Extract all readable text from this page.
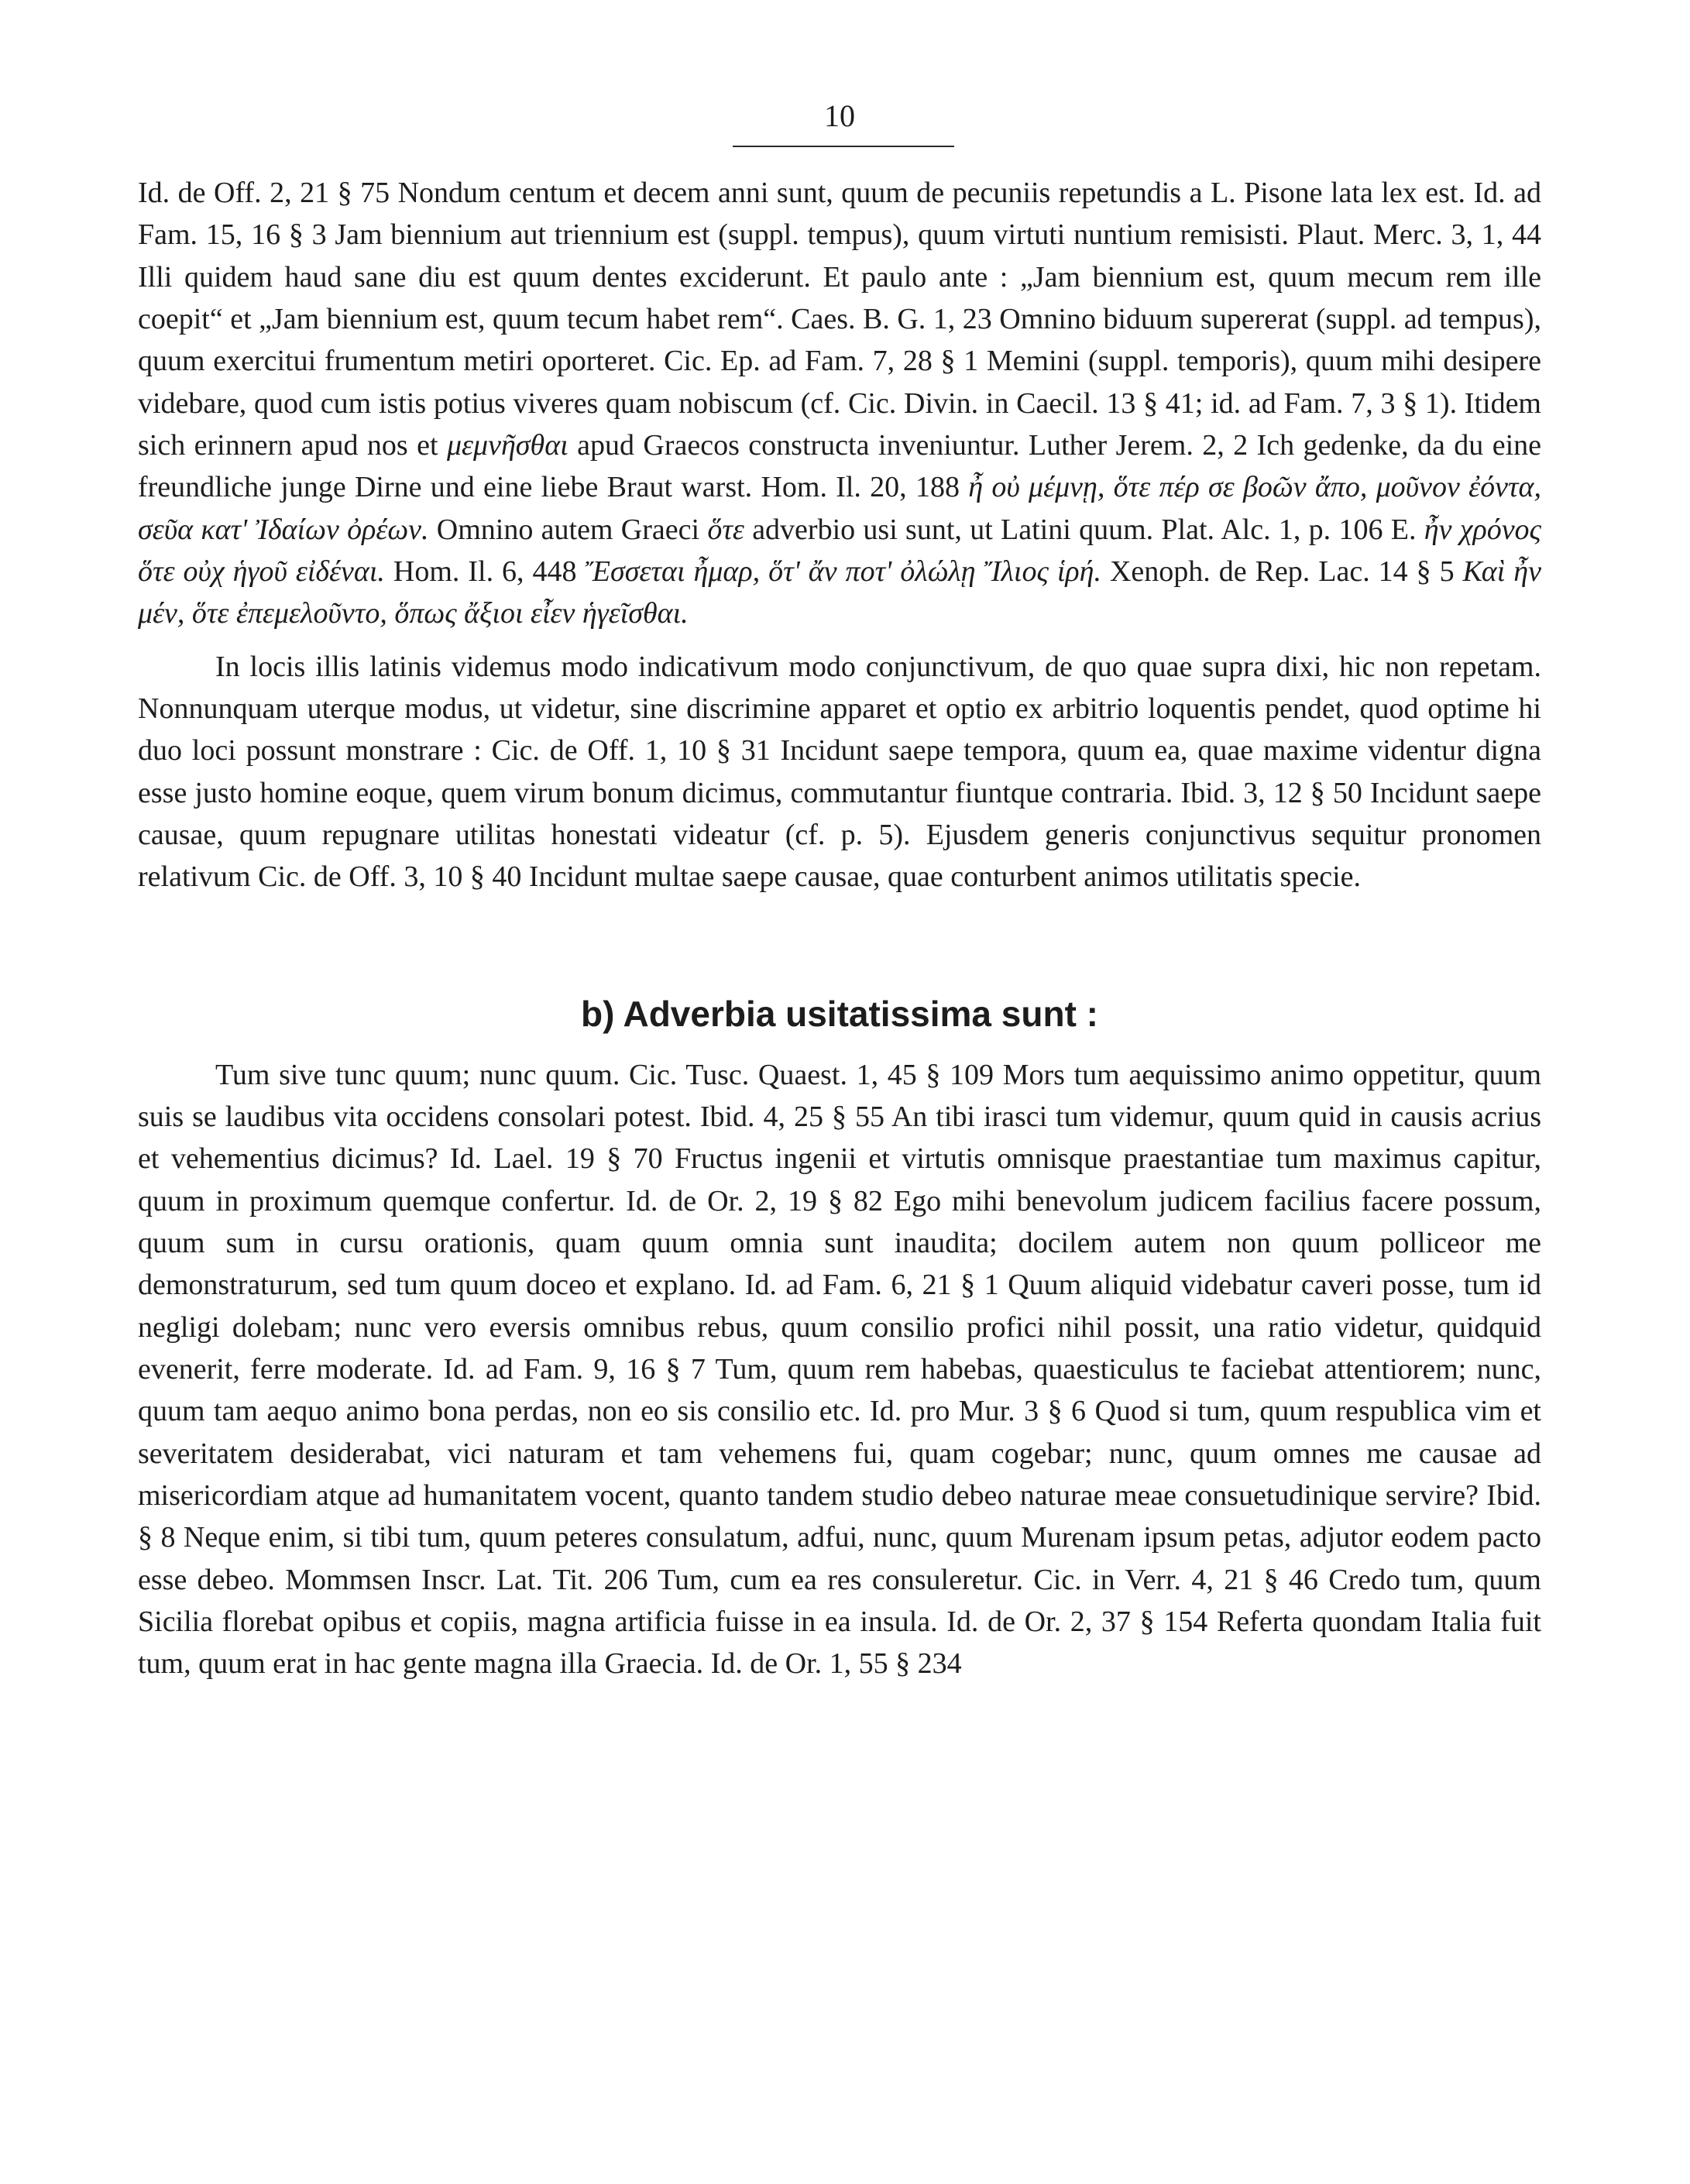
10

Id. de Off. 2, 21 § 75 Nondum centum et decem anni sunt, quum de pecuniis repetundis a L. Pisone lata lex est. Id. ad Fam. 15, 16 § 3 Jam biennium aut triennium est (suppl. tempus), quum virtuti nuntium remisisti. Plaut. Merc. 3, 1, 44 Illi quidem haud sane diu est quum dentes exciderunt. Et paulo ante : „Jam biennium est, quum mecum rem ille coepit“ et „Jam biennium est, quum tecum habet rem“. Caes. B. G. 1, 23 Omnino biduum supererat (suppl. ad tempus), quum exercitui frumentum metiri oporteret. Cic. Ep. ad Fam. 7, 28 § 1 Memini (suppl. temporis), quum mihi desipere videbare, quod cum istis potius viveres quam nobiscum (cf. Cic. Divin. in Caecil. 13 § 41; id. ad Fam. 7, 3 § 1). Itidem sich erinnern apud nos et μεμνῆσθαι apud Graecos constructa inveniuntur. Luther Jerem. 2, 2 Ich gedenke, da du eine freundliche junge Dirne und eine liebe Braut warst. Hom. Il. 20, 188 ἦ οὐ μέμνῃ, ὅτε πέρ σε βοῶν ἄπο, μοῦνον ἐόντα, σεῦα κατ' Ἰδαίων ὀρέων. Omnino autem Graeci ὅτε adverbio usi sunt, ut Latini quum. Plat. Alc. 1, p. 106 E. ἦν χρόνος ὅτε οὐχ ἡγοῦ εἰδέναι. Hom. Il. 6, 448 Ἔσσεται ἦμαρ, ὅτ' ἄν ποτ' ὀλώλῃ Ἴλιος ἱρή. Xenoph. de Rep. Lac. 14 § 5 Καὶ ἦν μέν, ὅτε ἐπεμελοῦντο, ὅπως ἄξιοι εἶεν ἡγεῖσθαι.

In locis illis latinis videmus modo indicativum modo conjunctivum, de quo quae supra dixi, hic non repetam. Nonnunquam uterque modus, ut videtur, sine discrimine apparet et optio ex arbitrio loquentis pendet, quod optime hi duo loci possunt monstrare : Cic. de Off. 1, 10 § 31 Incidunt saepe tempora, quum ea, quae maxime videntur digna esse justo homine eoque, quem virum bonum dicimus, commutantur fiuntque contraria. Ibid. 3, 12 § 50 Incidunt saepe causae, quum repugnare utilitas honestati videatur (cf. p. 5). Ejusdem generis conjunctivus sequitur pronomen relativum Cic. de Off. 3, 10 § 40 Incidunt multae saepe causae, quae conturbent animos utilitatis specie.

b) Adverbia usitatissima sunt :

Tum sive tunc quum; nunc quum. Cic. Tusc. Quaest. 1, 45 § 109 Mors tum aequissimo animo oppetitur, quum suis se laudibus vita occidens consolari potest. Ibid. 4, 25 § 55 An tibi irasci tum videmur, quum quid in causis acrius et vehementius dicimus? Id. Lael. 19 § 70 Fructus ingenii et virtutis omnisque praestantiae tum maximus capitur, quum in proximum quemque confertur. Id. de Or. 2, 19 § 82 Ego mihi benevolum judicem facilius facere possum, quum sum in cursu orationis, quam quum omnia sunt inaudita; docilem autem non quum polliceor me demonstraturum, sed tum quum doceo et explano. Id. ad Fam. 6, 21 § 1 Quum aliquid videbatur caveri posse, tum id negligi dolebam; nunc vero eversis omnibus rebus, quum consilio profici nihil possit, una ratio videtur, quidquid evenerit, ferre moderate. Id. ad Fam. 9, 16 § 7 Tum, quum rem habebas, quaesticulus te faciebat attentiorem; nunc, quum tam aequo animo bona perdas, non eo sis consilio etc. Id. pro Mur. 3 § 6 Quod si tum, quum respublica vim et severitatem desiderabat, vici naturam et tam vehemens fui, quam cogebar; nunc, quum omnes me causae ad misericordiam atque ad humanitatem vocent, quanto tandem studio debeo naturae meae consuetudinique servire? Ibid. § 8 Neque enim, si tibi tum, quum peteres consulatum, adfui, nunc, quum Murenam ipsum petas, adjutor eodem pacto esse debeo. Mommsen Inscr. Lat. Tit. 206 Tum, cum ea res consuleretur. Cic. in Verr. 4, 21 § 46 Credo tum, quum Sicilia florebat opibus et copiis, magna artificia fuisse in ea insula. Id. de Or. 2, 37 § 154 Referta quondam Italia fuit tum, quum erat in hac gente magna illa Graecia. Id. de Or. 1, 55 § 234
